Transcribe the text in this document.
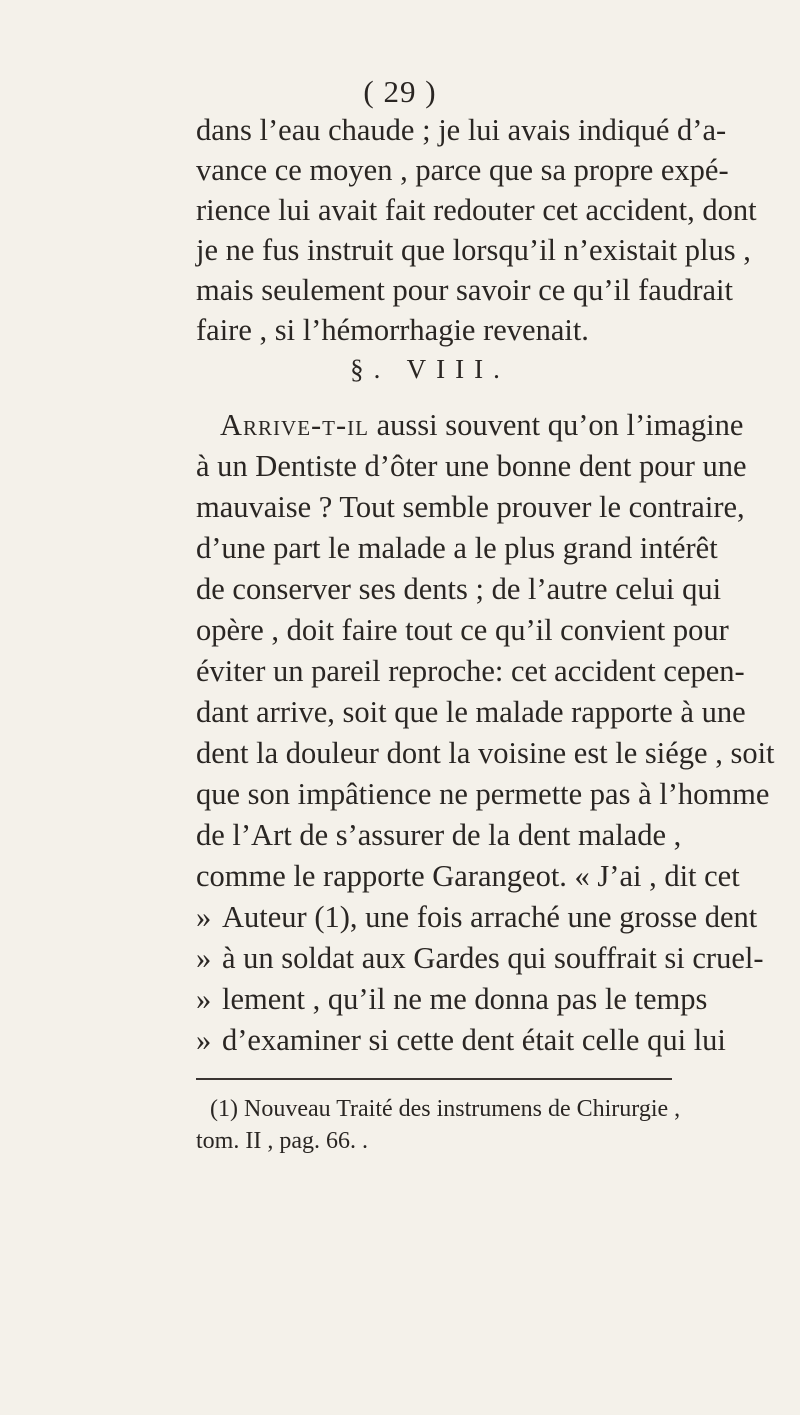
( 29 )
dans l’eau chaude ; je lui avais indiqué d’a-
vance ce moyen , parce que sa propre expé-
rience lui avait fait redouter cet accident, dont
je ne fus instruit que lorsqu’il n’existait plus ,
mais seulement pour savoir ce qu’il faudrait
faire , si l’hémorrhagie revenait.
§. VIII.
Arrive-t-il aussi souvent qu’on l’imagine
à un Dentiste d’ôter une bonne dent pour une
mauvaise ? Tout semble prouver le contraire,
d’une part le malade a le plus grand intérêt
de conserver ses dents ; de l’autre celui qui
opère , doit faire tout ce qu’il convient pour
éviter un pareil reproche: cet accident cepen-
dant arrive, soit que le malade rapporte à une
dent la douleur dont la voisine est le siége , soit
que son impâtience ne permette pas à l’homme
de l’Art de s’assurer de la dent malade ,
comme le rapporte Garangeot. « J’ai , dit cet
» Auteur (1), une fois arraché une grosse dent
» à un soldat aux Gardes qui souffrait si cruel-
» lement , qu’il ne me donna pas le temps
» d’examiner si cette dent était celle qui lui
(1) Nouveau Traité des instrumens de Chirurgie ,
tom. II , pag. 66. .
